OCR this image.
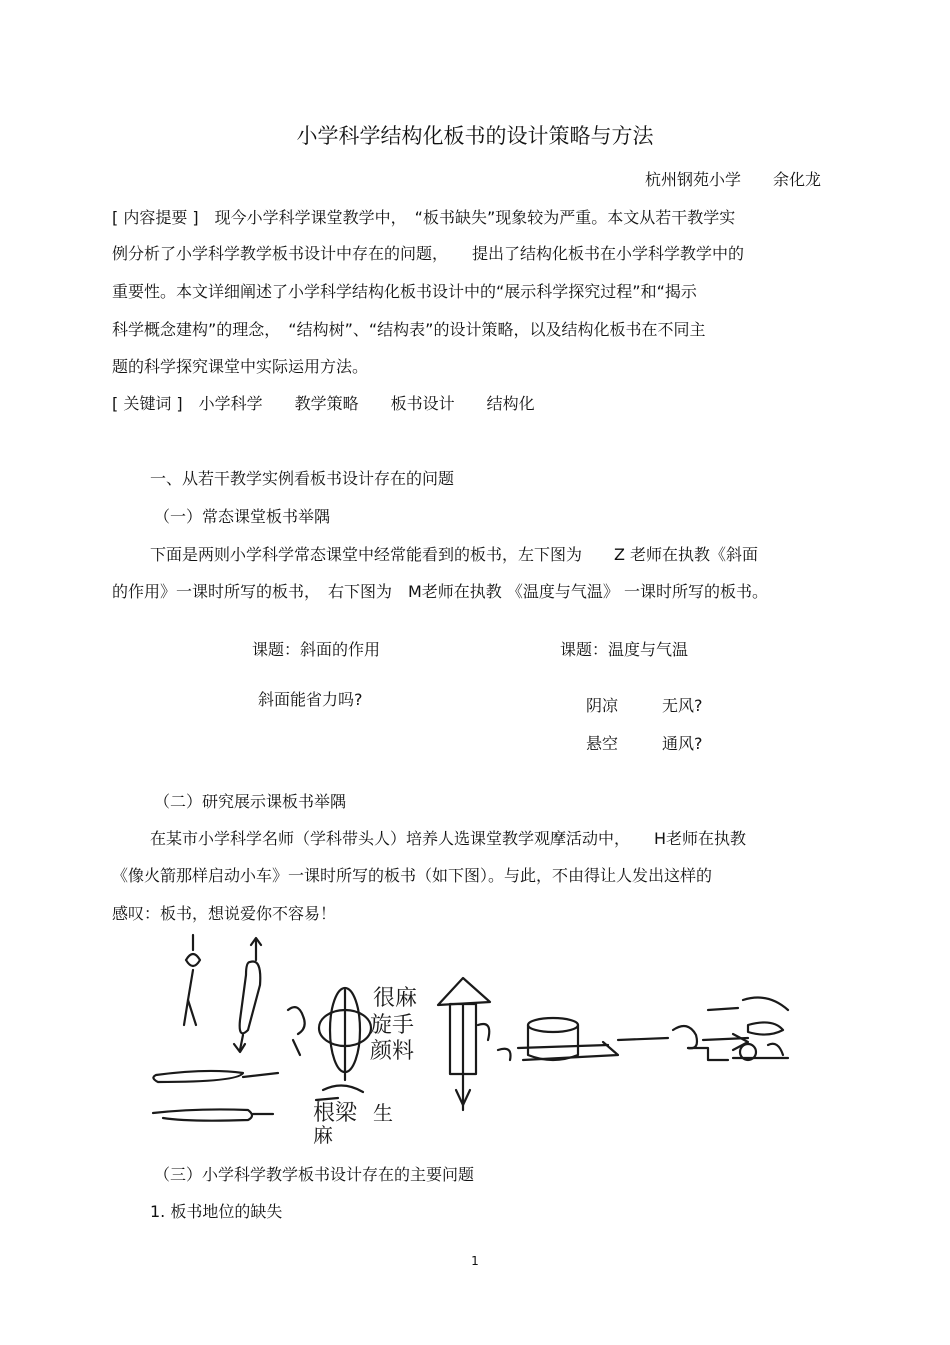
小学科学结构化板书的设计策略与方法
杭州钢苑小学　　余化龙
[ 内容提要 ]　现今小学科学课堂教学中，　“板书缺失”现象较为严重。本文从若干教学实
例分析了小学科学教学板书设计中存在的问题，　　提出了结构化板书在小学科学教学中的
重要性。本文详细阐述了小学科学结构化板书设计中的“展示科学探究过程”和“揭示
科学概念建构”的理念，　“结构树”、“结构表”的设计策略，以及结构化板书在不同主
题的科学探究课堂中实际运用方法。
[ 关键词 ]　小学科学　　教学策略　　板书设计　　结构化
一、从若干教学实例看板书设计存在的问题
（一）常态课堂板书举隅
下面是两则小学科学常态课堂中经常能看到的板书，左下图为　　Z 老师在执教《斜面
的作用》一课时所写的板书，　右下图为　M老师在执教 《温度与气温》 一课时所写的板书。
课题：斜面的作用
斜面能省力吗?
课题：温度与气温
阴凉	无风?
悬空	通风?
（二）研究展示课板书举隅
在某市小学科学名师（学科带头人）培养人选课堂教学观摩活动中，　　H老师在执教
《像火箭那样启动小车》一课时所写的板书（如下图）。与此，不由得让人发出这样的
感叹：板书，想说爱你不容易！
很麻
旋手
颜料
根梁
麻
生
（三）小学科学教学板书设计存在的主要问题
1. 板书地位的缺失
1
